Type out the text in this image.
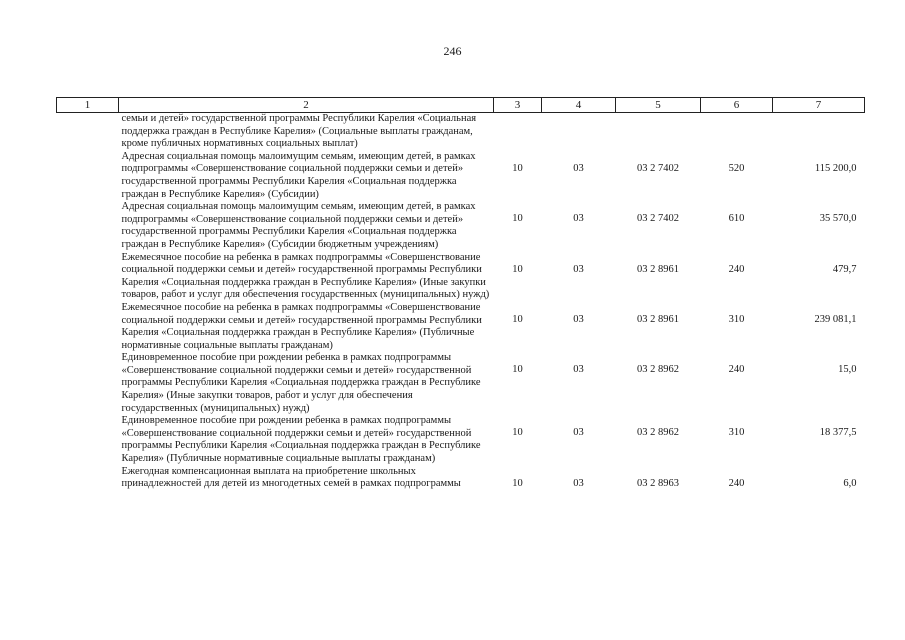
246
1	2	3	4	5	6	7
	семьи и детей» государственной программы Республики Карелия «Социальная поддержка граждан в Республике Карелия» (Социальные выплаты гражданам, кроме публичных нормативных социальных выплат)					
	Адресная социальная помощь малоимущим семьям, имеющим детей, в рамках подпрограммы «Совершенствование социальной поддержки семьи и детей» государственной программы Республики Карелия «Социальная поддержка граждан в Республике Карелия» (Субсидии)	10	03	03 2 7402	520	115 200,0
	Адресная социальная помощь малоимущим семьям, имеющим детей, в рамках подпрограммы «Совершенствование социальной поддержки семьи и детей» государственной программы Республики Карелия «Социальная поддержка граждан в Республике Карелия» (Субсидии бюджетным учреждениям)	10	03	03 2 7402	610	35 570,0
	Ежемесячное пособие на ребенка в рамках подпрограммы «Совершенствование социальной поддержки семьи и детей» государственной программы Республики Карелия «Социальная поддержка граждан в Республике Карелия» (Иные закупки товаров, работ и услуг для обеспечения государственных (муниципальных) нужд)	10	03	03 2 8961	240	479,7
	Ежемесячное пособие на ребенка в рамках подпрограммы «Совершенствование социальной поддержки семьи и детей» государственной программы Республики Карелия «Социальная поддержка граждан в Республике Карелия» (Публичные нормативные социальные выплаты гражданам)	10	03	03 2 8961	310	239 081,1
	Единовременное пособие при рождении ребенка в рамках подпрограммы «Совершенствование социальной поддержки семьи и детей» государственной программы Республики Карелия «Социальная поддержка граждан в Республике Карелия» (Иные закупки товаров, работ и услуг для обеспечения государственных (муниципальных) нужд)	10	03	03 2 8962	240	15,0
	Единовременное пособие при рождении ребенка в рамках подпрограммы «Совершенствование социальной поддержки семьи и детей» государственной программы Республики Карелия «Социальная поддержка граждан в Республике Карелия» (Публичные нормативные социальные выплаты гражданам)	10	03	03 2 8962	310	18 377,5
	Ежегодная компенсационная выплата на приобретение школьных принадлежностей для детей из многодетных семей в рамках подпрограммы	10	03	03 2 8963	240	6,0
